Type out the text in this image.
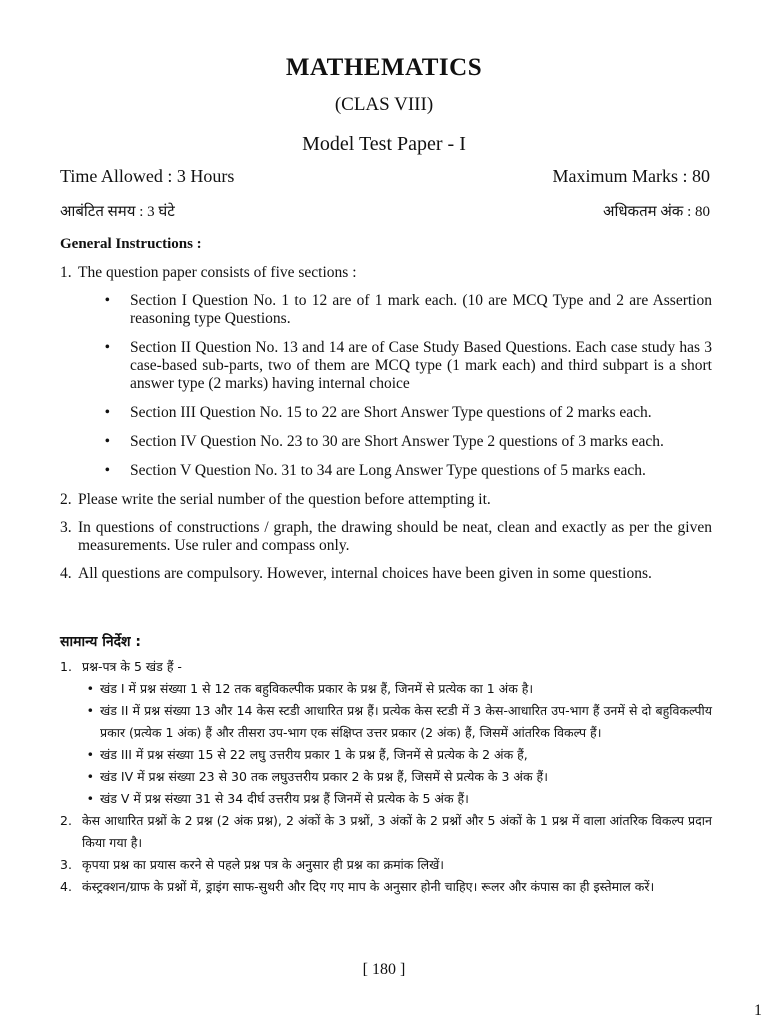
MATHEMATICS
(CLAS VIII)
Model Test Paper - I
Time Allowed : 3 Hours	Maximum Marks : 80
आबंटित समय : 3 घंटे	अधिकतम अंक : 80
General Instructions :
1. The question paper consists of five sections :
•	Section I Question No. 1 to 12 are of 1 mark each. (10 are MCQ Type and 2 are Assertion reasoning type Questions.
•	Section II Question No. 13 and 14 are of Case Study Based Questions. Each case study has 3 case-based sub-parts, two of them are MCQ type (1 mark each) and third subpart is a short answer type (2 marks) having internal choice
•	Section III Question No. 15 to 22 are Short Answer Type questions of 2 marks each.
•	Section IV Question No. 23 to 30 are Short Answer Type 2 questions of 3 marks each.
•	Section V Question No. 31 to 34 are Long Answer Type questions of 5 marks each.
2. Please write the serial number of the question before attempting it.
3. In questions of constructions / graph, the drawing should be neat, clean and exactly as per the given measurements. Use ruler and compass only.
4. All questions are compulsory. However, internal choices have been given in some questions.
सामान्य निर्देश :
1. प्रश्न-पत्र के 5 खंड हैं -
• खंड I में प्रश्न संख्या 1 से 12 तक बहुविकल्पीक प्रकार के प्रश्न हैं, जिनमें से प्रत्येक का 1 अंक है।
• खंड II में प्रश्न संख्या 13 और 14 केस स्टडी आधारित प्रश्न हैं। प्रत्येक केस स्टडी में 3 केस-आधारित उप-भाग हैं उनमें से दो बहुविकल्पीय प्रकार (प्रत्येक 1 अंक) हैं और तीसरा उप-भाग एक संक्षिप्त उत्तर प्रकार (2 अंक) हैं, जिसमें आंतरिक विकल्प हैं।
• खंड III में प्रश्न संख्या 15 से 22 लघु उत्तरीय प्रकार 1 के प्रश्न हैं, जिनमें से प्रत्येक के 2 अंक हैं,
• खंड IV में प्रश्न संख्या 23 से 30 तक लघुउत्तरीय प्रकार 2 के प्रश्न हैं, जिसमें से प्रत्येक के 3 अंक हैं।
• खंड V में प्रश्न संख्या 31 से 34 दीर्घ उत्तरीय प्रश्न हैं जिनमें से प्रत्येक के 5 अंक हैं।
2. केस आधारित प्रश्नों के 2 प्रश्न (2 अंक प्रश्न), 2 अंकों के 3 प्रश्नों, 3 अंकों के 2 प्रश्नों और 5 अंकों के 1 प्रश्न में वाला आंतरिक विकल्प प्रदान किया गया है।
3. कृपया प्रश्न का प्रयास करने से पहले प्रश्न पत्र के अनुसार ही प्रश्न का क्रमांक लिखें।
4. कंस्ट्रक्शन/ग्राफ के प्रश्नों में, ड्राइंग साफ-सुथरी और दिए गए माप के अनुसार होनी चाहिए। रूलर और कंपास का ही इस्तेमाल करें।
[ 180 ]
1
